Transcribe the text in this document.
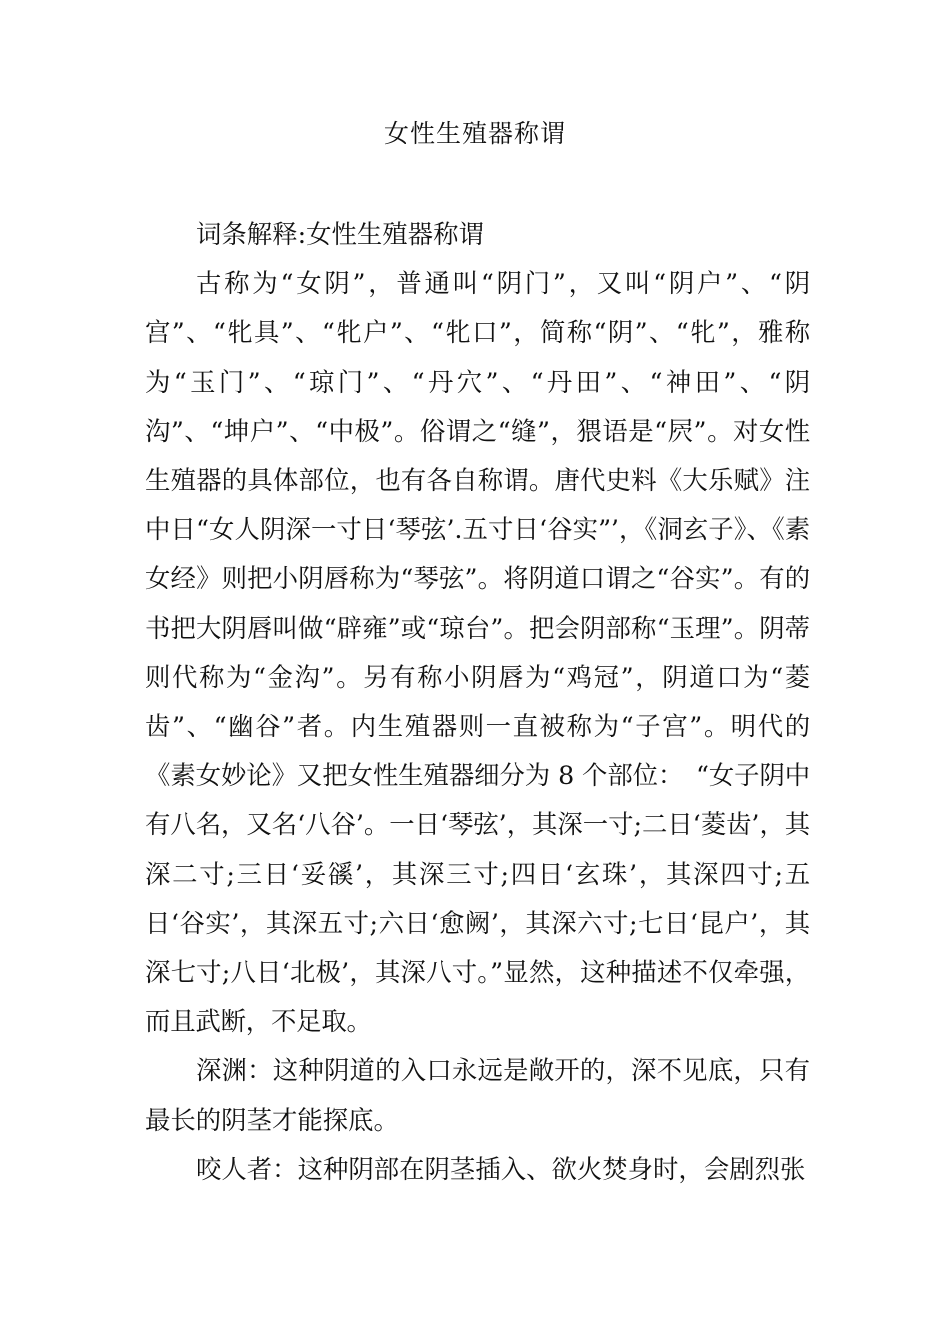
女性生殖器称谓

词条解释:女性生殖器称谓

古称为“女阴”，普通叫“阴门”，又叫“阴户”、“阴宫”、“牝具”、“牝户”、“牝口”，简称“阴”、“牝”，雅称为“玉门”、“琼门”、“丹穴”、“丹田”、“神田”、“阴沟”、“坤户”、“中极”。俗谓之“缝”，猥语是“屄”。对女性生殖器的具体部位，也有各自称谓。唐代史料《大乐赋》注中日“女人阴深一寸日‘琴弦’.五寸日‘谷实”’，《洞玄子》、《素女经》则把小阴唇称为“琴弦”。将阴道口谓之“谷实”。有的书把大阴唇叫做“辟雍”或“琼台”。把会阴部称“玉理”。阴蒂则代称为“金沟”。另有称小阴唇为“鸡冠”，阴道口为“菱齿”、“幽谷”者。内生殖器则一直被称为“子宫”。明代的《素女妙论》又把女性生殖器细分为 8 个部位：　“女子阴中有八名，又名‘八谷’。一日‘琴弦’，其深一寸;二日‘菱齿’，其深二寸;三日‘妥豀’，其深三寸;四日‘玄珠’，其深四寸;五日‘谷实’，其深五寸;六日‘愈阙’，其深六寸;七日‘昆户’，其深七寸;八日‘北极’，其深八寸。”显然，这种描述不仅牵强，而且武断，不足取。

深渊：这种阴道的入口永远是敞开的，深不见底，只有最长的阴茎才能探底。

咬人者：这种阴部在阴茎插入、欲火焚身时，会剧烈张
